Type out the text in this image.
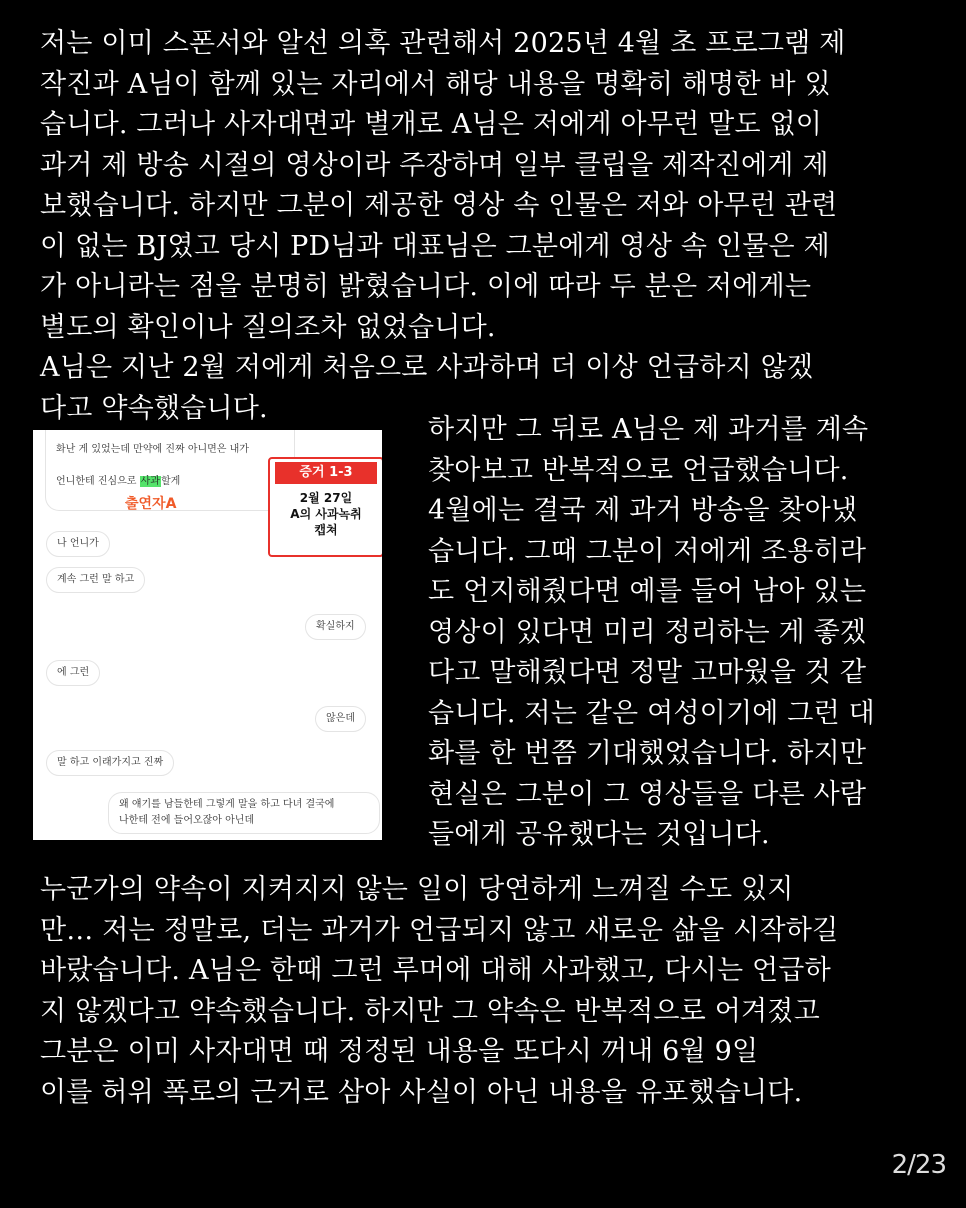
저는 이미 스폰서와 알선 의혹 관련해서 2025년 4월 초 프로그램 제
작진과 A님이 함께 있는 자리에서 해당 내용을 명확히 해명한 바 있
습니다. 그러나 사자대면과 별개로 A님은 저에게 아무런 말도 없이
과거 제 방송 시절의 영상이라 주장하며 일부 클립을 제작진에게 제
보했습니다. 하지만 그분이 제공한 영상 속 인물은 저와 아무런 관련
이 없는 BJ였고 당시 PD님과 대표님은 그분에게 영상 속 인물은 제
가 아니라는 점을 분명히 밝혔습니다. 이에 따라 두 분은 저에게는
별도의 확인이나 질의조차 없었습니다.
A님은 지난 2월 저에게 처음으로 사과하며 더 이상 언급하지 않겠
다고 약속했습니다.

화난 게 있었는데 만약에 진짜 아니면은 내가

언니한테 진심으로 사과할게

출연자A
증거 1-3
2월 27일
A의 사과녹취
캡쳐
나 언니가
계속 그런 말 하고
확실하지
에 그런
않은데
말 하고 이래가지고 진짜
왜 얘기를 남들한테 그렇게 말을 하고 다녀 결국에
나한테 전에 들어오잖아 아닌데
하지만 그 뒤로 A님은 제 과거를 계속
찾아보고 반복적으로 언급했습니다.
4월에는 결국 제 과거 방송을 찾아냈
습니다. 그때 그분이 저에게 조용히라
도 언지해줬다면 예를 들어 남아 있는
영상이 있다면 미리 정리하는 게 좋겠
다고 말해줬다면 정말 고마웠을 것 같
습니다. 저는 같은 여성이기에 그런 대
화를 한 번쯤 기대했었습니다. 하지만
현실은 그분이 그 영상들을 다른 사람
들에게 공유했다는 것입니다.
누군가의 약속이 지켜지지 않는 일이 당연하게 느껴질 수도 있지
만… 저는 정말로, 더는 과거가 언급되지 않고 새로운 삶을 시작하길
바랐습니다. A님은 한때 그런 루머에 대해 사과했고, 다시는 언급하
지 않겠다고 약속했습니다. 하지만 그 약속은 반복적으로 어겨졌고
그분은 이미 사자대면 때 정정된 내용을 또다시 꺼내 6월 9일
이를 허위 폭로의 근거로 삼아 사실이 아닌 내용을 유포했습니다.
2/23
